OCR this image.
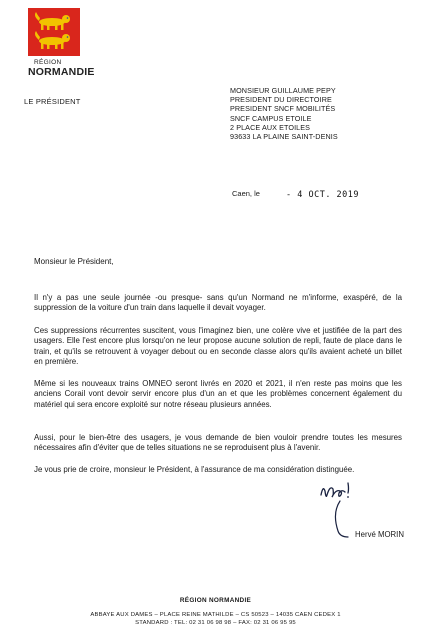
RÉGION
NORMANDIE
LE PRÉSIDENT
MONSIEUR GUILLAUME PEPY
PRESIDENT DU DIRECTOIRE
PRESIDENT SNCF MOBILITÉS
SNCF CAMPUS ETOILE
2 PLACE AUX ETOILES
93633 LA PLAINE SAINT-DENIS
Caen, le	- 4 OCT. 2019
Monsieur le Président,
Il n'y a pas une seule journée -ou presque- sans qu'un Normand ne m'informe, exaspéré, de la suppression de la voiture d'un train dans laquelle il devait voyager.
Ces suppressions récurrentes suscitent, vous l'imaginez bien, une colère vive et justifiée de la part des usagers. Elle l'est encore plus lorsqu'on ne leur propose aucune solution de repli, faute de place dans le train, et qu'ils se retrouvent à voyager debout ou en seconde classe alors qu'ils avaient acheté un billet en première.
Même si les nouveaux trains OMNEO seront livrés en 2020 et 2021, il n'en reste pas moins que les anciens Corail vont devoir servir encore plus d'un an et que les problèmes concernent également du matériel qui sera encore exploité sur notre réseau plusieurs années.
Aussi, pour le bien-être des usagers, je vous demande de bien vouloir prendre toutes les mesures nécessaires afin d'éviter que de telles situations ne se reproduisent plus à l'avenir.
Je vous prie de croire, monsieur le Président, à l'assurance de ma considération distinguée.
Hervé MORIN
RÉGION NORMANDIE
ABBAYE AUX DAMES – PLACE REINE MATHILDE – CS 50523 – 14035 CAEN CEDEX 1
STANDARD : TEL: 02 31 06 98 98 – FAX: 02 31 06 95 95
